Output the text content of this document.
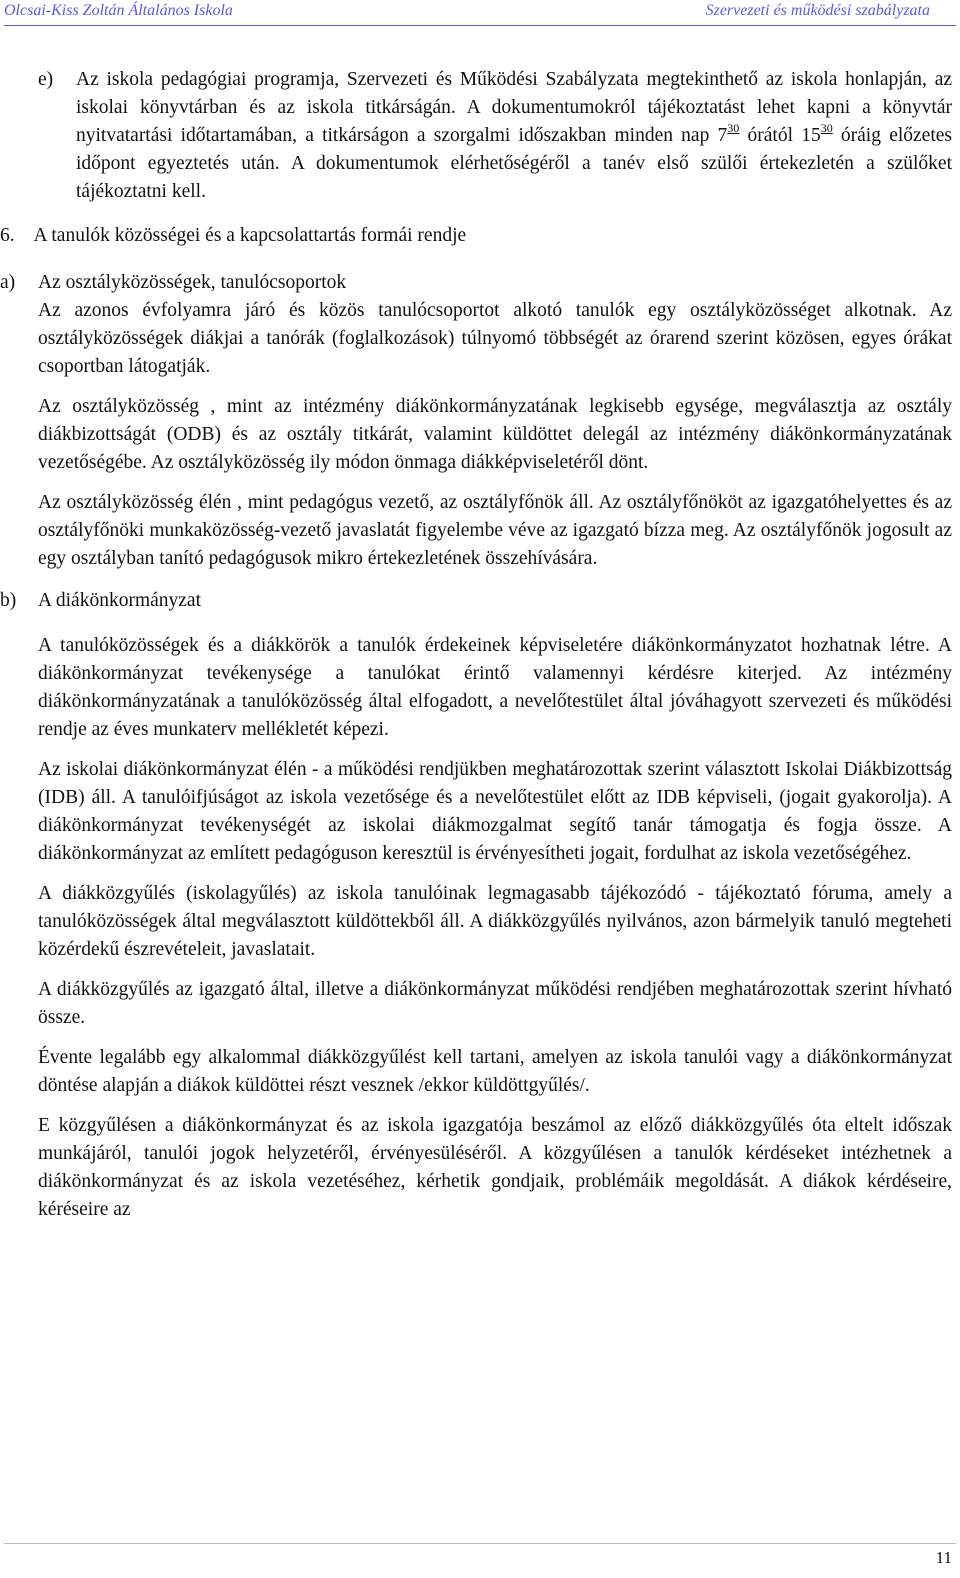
Olcsai-Kiss Zoltán Általános Iskola	Szervezeti és működési szabályzata
e) Az iskola pedagógiai programja, Szervezeti és Működési Szabályzata megtekinthető az iskola honlapján, az iskolai könyvtárban és az iskola titkárságán. A dokumentumokról tájékoztatást lehet kapni a könyvtár nyitvatartási időtartamában, a titkárságon a szorgalmi időszakban minden nap $7^{30}$ órától $15^{30}$ óráig előzetes időpont egyeztetés után. A dokumentumok elérhetőségéről a tanév első szülői értekezletén a szülőket tájékoztatni kell.

6. A tanulók közösségei és a kapcsolattartás formái rendje
a) Az osztályközösségek, tanulócsoportok

Az azonos évfolyamra járó és közös tanulócsoportot alkotó tanulók egy osztályközösséget alkotnak. Az osztályközösségek diákjai a tanórák (foglalkozások) túlnyomó többségét az órarend szerint közösen, egyes órákat csoportban látogatják.

Az osztályközösség , mint az intézmény diákönkormányzatának legkisebb egysége, megválasztja az osztály diákbizottságát (ODB) és az osztály titkárát, valamint küldöttet delegál az intézmény diákönkormányzatának vezetőségébe. Az osztályközösség ily módon önmaga diákképviseletéről dönt.

Az osztályközösség élén , mint pedagógus vezető, az osztályfőnök áll. Az osztályfőnököt az igazgatóhelyettes és az osztályfőnöki munkaközösség-vezető javaslatát figyelembe véve az igazgató bízza meg. Az osztályfőnök jogosult az egy osztályban tanító pedagógusok mikro értekezletének összehívására.

b) A diákönkormányzat

A tanulóközösségek és a diákkörök a tanulók érdekeinek képviseletére diákönkormányzatot hozhatnak létre. A diákönkormányzat tevékenysége a tanulókat érintő valamennyi kérdésre kiterjed. Az intézmény diákönkormányzatának a tanulóközösség által elfogadott, a nevelőtestület által jóváhagyott szervezeti és működési rendje az éves munkaterv mellékletét képezi.

Az iskolai diákönkormányzat élén - a működési rendjükben meghatározottak szerint választott Iskolai Diákbizottság (IDB) áll. A tanulóifjúságot az iskola vezetősége és a nevelőtestület előtt az IDB képviseli, (jogait gyakorolja). A diákönkormányzat tevékenységét az iskolai diákmozgalmat segítő tanár támogatja és fogja össze. A diákönkormányzat az említett pedagóguson keresztül is érvényesítheti jogait, fordulhat az iskola vezetőségéhez.

A diákközgyűlés (iskolagyűlés) az iskola tanulóinak legmagasabb tájékozódó - tájékoztató fóruma, amely a tanulóközösségek által megválasztott küldöttekből áll. A diákközgyűlés nyilvános, azon bármelyik tanuló megteheti közérdekű észrevételeit, javaslatait.

A diákközgyűlés az igazgató által, illetve a diákönkormányzat működési rendjében meghatározottak szerint hívható össze.

Évente legalább egy alkalommal diákközgyűlést kell tartani, amelyen az iskola tanulói vagy a diákönkormányzat döntése alapján a diákok küldöttei részt vesznek /ekkor küldöttgyűlés/.

E közgyűlésen a diákönkormányzat és az iskola igazgatója beszámol az előző diákközgyűlés óta eltelt időszak munkájáról, tanulói jogok helyzetéről, érvényesüléséről. A közgyűlésen a tanulók kérdéseket intézhetnek a diákönkormányzat és az iskola vezetéséhez, kérhetik gondjaik, problémáik megoldását. A diákok kérdéseire, kéréseire az

11
